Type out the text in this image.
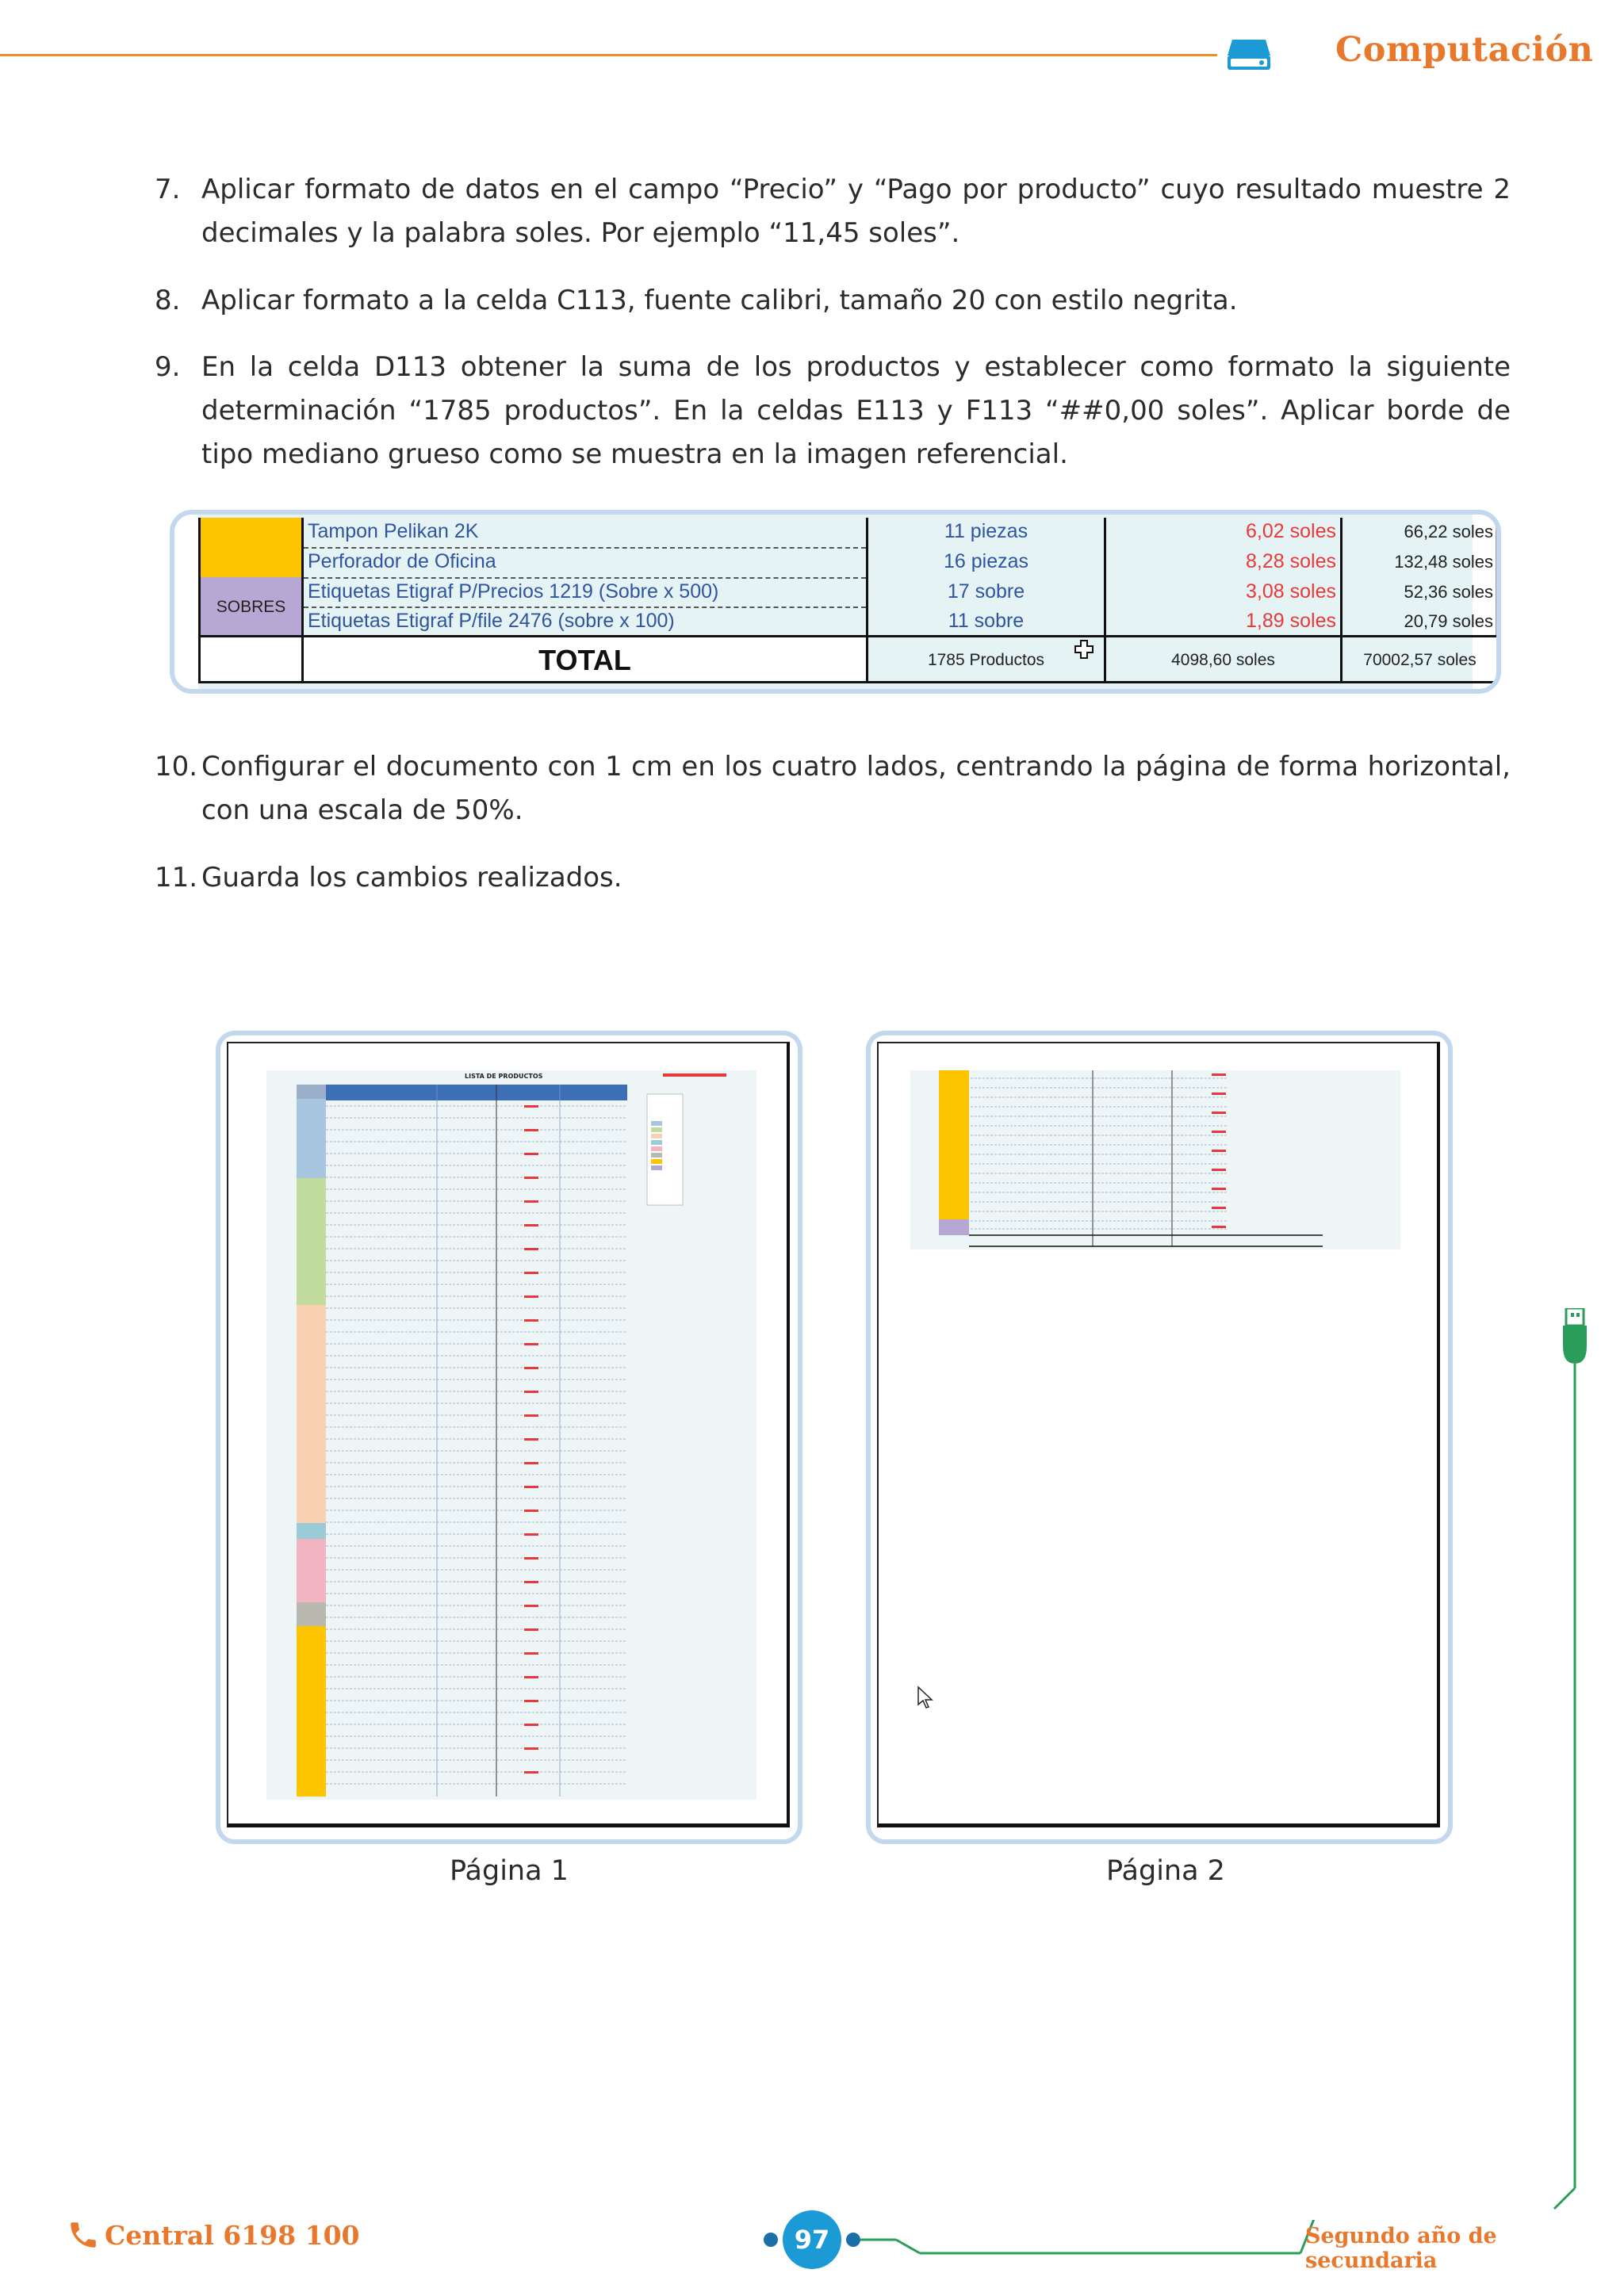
Computación
7. Aplicar formato de datos en el campo “Precio” y “Pago por producto” cuyo resultado muestre 2 decimales y la palabra soles. Por ejemplo “11,45 soles”.
8. Aplicar formato a la celda C113, fuente calibri, tamaño 20 con estilo negrita.
9. En la celda D113 obtener la suma de los productos y establecer como formato la siguiente determinación “1785 productos”. En la celdas E113 y F113 “##0,00 soles”. Aplicar borde de tipo mediano grueso como se muestra en la imagen referencial.
SOBRES
Tampon Pelikan 2K	11 piezas	6,02 soles	66,22 soles
Perforador de Oficina	16 piezas	8,28 soles	132,48 soles
Etiquetas Etigraf P/Precios 1219 (Sobre x 500)	17 sobre	3,08 soles	52,36 soles
Etiquetas Etigraf P/file 2476 (sobre x 100)	11 sobre	1,89 soles	20,79 soles
TOTAL	1785 Productos	4098,60 soles	70002,57 soles
10. Configurar el documento con 1 cm en los cuatro lados, centrando la página de forma horizontal, con una escala de 50%.
11. Guarda los cambios realizados.
LISTA DE PRODUCTOS
Página 1	Página 2
Central 6198 100	97	Segundo año de secundaria
